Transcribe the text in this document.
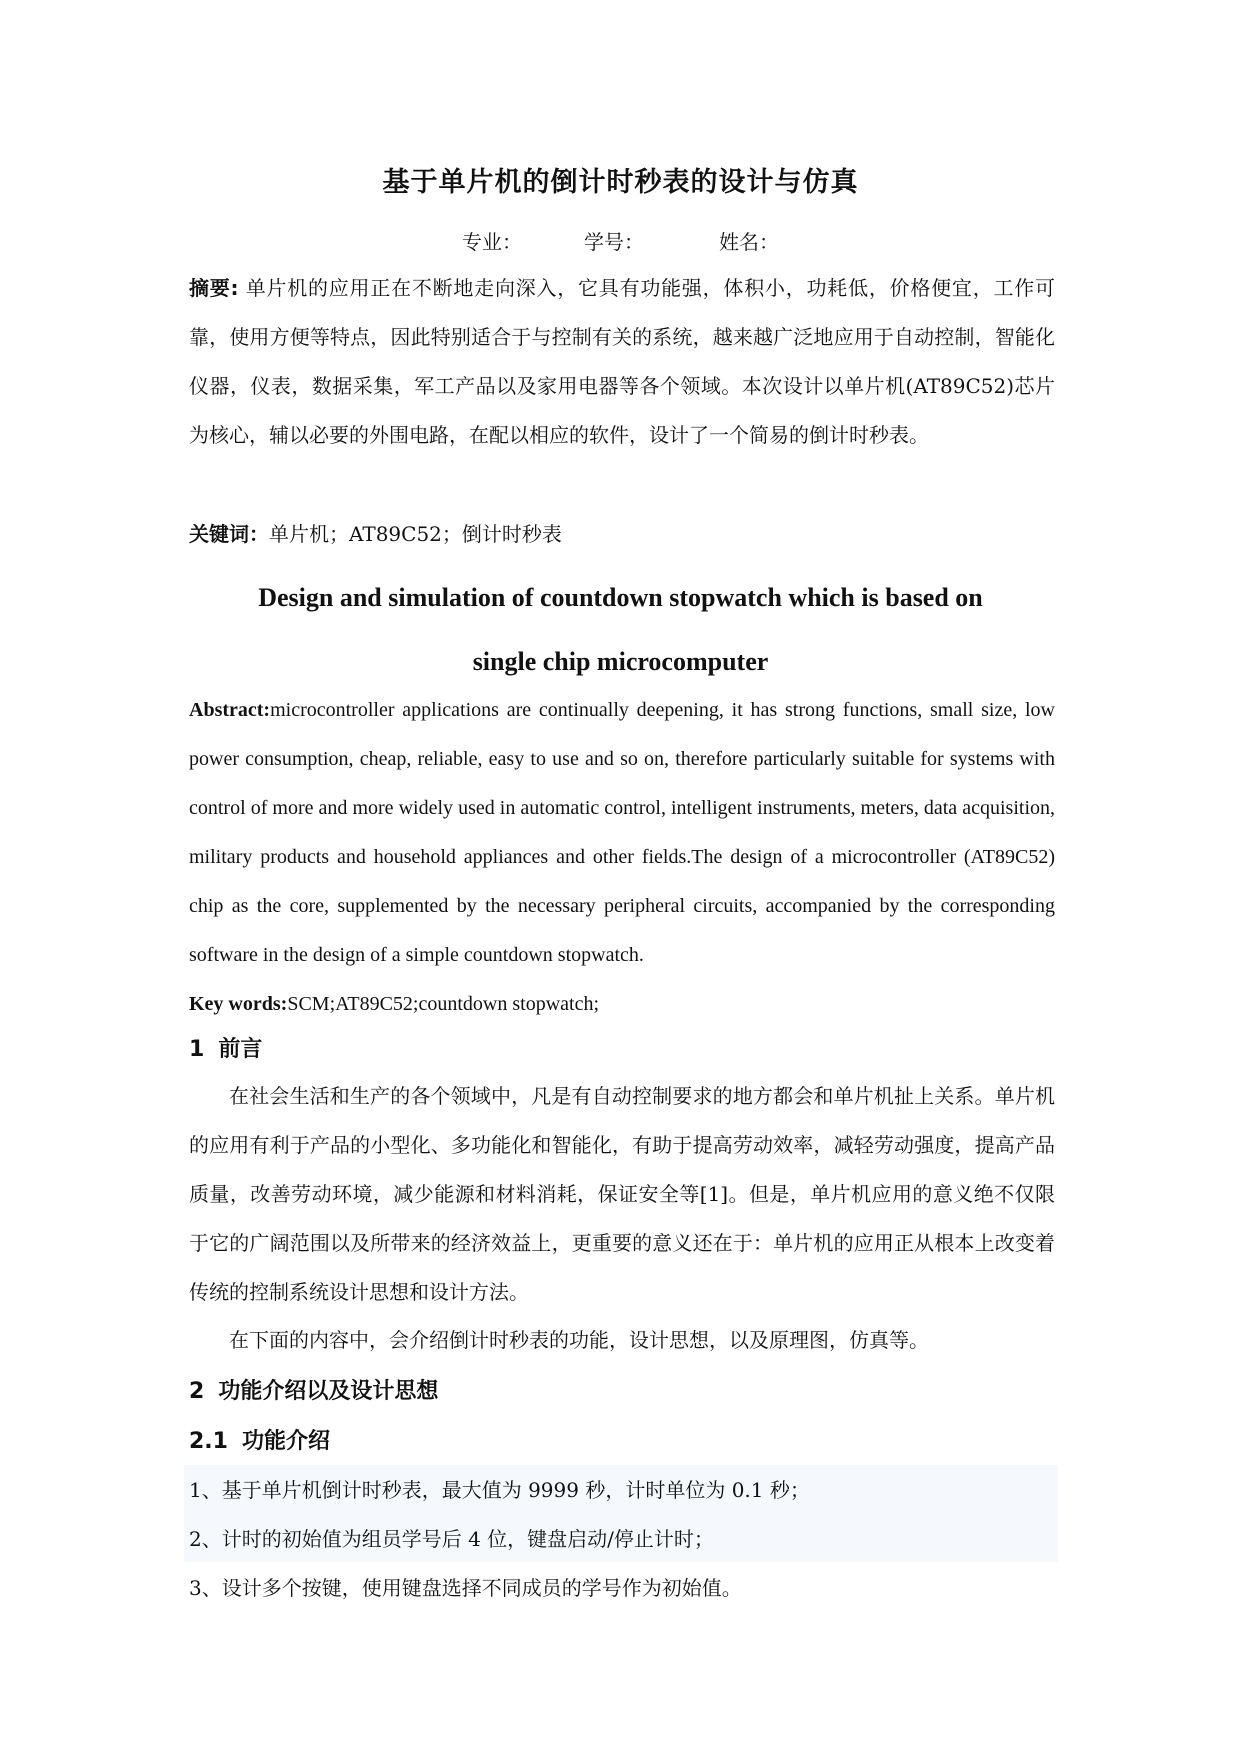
基于单片机的倒计时秒表的设计与仿真
专业：	学号：	姓名：
摘要: 单片机的应用正在不断地走向深入，它具有功能强，体积小，功耗低，价格便宜，工作可靠，使用方便等特点，因此特别适合于与控制有关的系统，越来越广泛地应用于自动控制，智能化仪器，仪表，数据采集，军工产品以及家用电器等各个领域。本次设计以单片机(AT89C52)芯片为核心，辅以必要的外围电路，在配以相应的软件，设计了一个简易的倒计时秒表。
关键词：单片机；AT89C52；倒计时秒表
Design and simulation of countdown stopwatch which is based on
single chip microcomputer
Abstract:microcontroller applications are continually deepening, it has strong functions, small size, low power consumption, cheap, reliable, easy to use and so on, therefore particularly suitable for systems with control of more and more widely used in automatic control, intelligent instruments, meters, data acquisition, military products and household appliances and other fields.The design of a microcontroller (AT89C52) chip as the core, supplemented by the necessary peripheral circuits, accompanied by the corresponding software in the design of a simple countdown stopwatch.
Key words:SCM;AT89C52;countdown stopwatch;
1 前言

在社会生活和生产的各个领域中，凡是有自动控制要求的地方都会和单片机扯上关系。单片机的应用有利于产品的小型化、多功能化和智能化，有助于提高劳动效率，减轻劳动强度，提高产品质量，改善劳动环境，减少能源和材料消耗，保证安全等[1]。但是，单片机应用的意义绝不仅限于它的广阔范围以及所带来的经济效益上，更重要的意义还在于：单片机的应用正从根本上改变着传统的控制系统设计思想和设计方法。

在下面的内容中，会介绍倒计时秒表的功能，设计思想，以及原理图，仿真等。

2 功能介绍以及设计思想
2.1 功能介绍
1、基于单片机倒计时秒表，最大值为 9999 秒，计时单位为 0.1 秒；
2、计时的初始值为组员学号后 4 位，键盘启动/停止计时；
3、设计多个按键，使用键盘选择不同成员的学号作为初始值。
